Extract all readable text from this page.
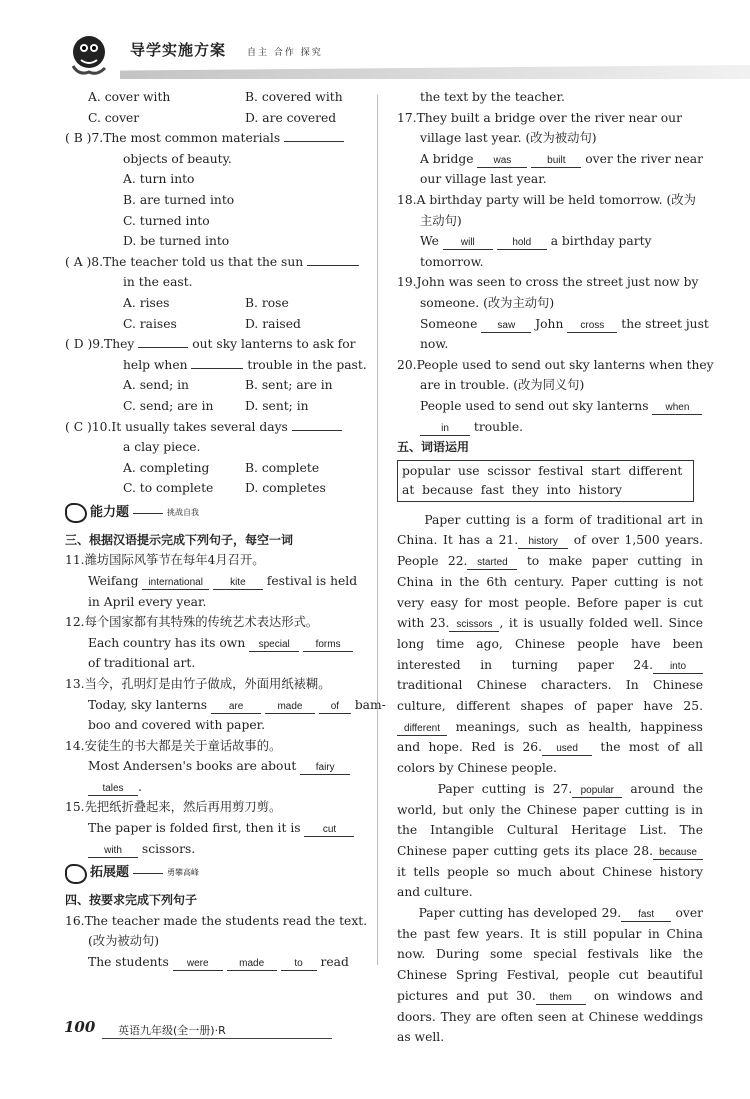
导学实施方案 自主 合作 探究
A. cover with	B. covered with
C. cover	D. are covered
( B )7.The most common materials
objects of beauty.
A. turn into
B. are turned into
C. turned into
D. be turned into
( A )8.The teacher told us that the sun
in the east.
A. rises	B. rose
C. raises	D. raised
( D )9.They	out sky lanterns to ask for
help when	trouble in the past.
A. send; in	B. sent; are in
C. send; are in	D. sent; in
( C )10.It usually takes several days
a clay piece.
A. completing	B. complete
C. to complete	D. completes
能力题	挑战自我
三、根据汉语提示完成下列句子，每空一词
11.潍坊国际风筝节在每年4月召开。
Weifang international	kite festival is held
in April every year.
12.每个国家都有其特殊的传统艺术表达形式。
Each country has its own special	forms
of traditional art.
13.当今，孔明灯是由竹子做成，外面用纸裱糊。
Today, sky lanterns are	made	of bam-
boo and covered with paper.
14.安徒生的书大都是关于童话故事的。
Most Andersen's books are about fairy
tales .
15.先把纸折叠起来，然后再用剪刀剪。
The paper is folded first, then it is cut
with scissors.
拓展题	勇攀高峰
四、按要求完成下列句子
16.The teacher made the students read the text.
(改为被动句)
The students were	made	to read
the text by the teacher.
17.They built a bridge over the river near our
village last year. (改为被动句)
A bridge was	built over the river near
our village last year.
18.A birthday party will be held tomorrow. (改为
主动句)
We will	hold a birthday party
tomorrow.
19.John was seen to cross the street just now by
someone. (改为主动句)
Someone saw John cross the street just
now.
20.People used to send out sky lanterns when they
are in trouble. (改为同义句)
People used to send out sky lanterns when
in trouble.
五、词语运用
popular  use  scissor  festival  start  different
at  because  fast  they  into  history
Paper cutting is a form of traditional art in China. It has a 21. history of over 1,500 years. People 22. started to make paper cutting in China in the 6th century. Paper cutting is not very easy for most people. Before paper is cut with 23. scissors , it is usually folded well. Since long time ago, Chinese people have been interested in turning paper 24. into traditional Chinese characters. In Chinese culture, different shapes of paper have 25.different meanings, such as health, happiness and hope. Red is 26. used the most of all colors by Chinese people.
Paper cutting is 27. popular around the world, but only the Chinese paper cutting is in the Intangible Cultural Heritage List. The Chinese paper cutting gets its place 28. because it tells people so much about Chinese history and culture.
Paper cutting has developed 29. fast over the past few years. It is still popular in China now. During some special festivals like the Chinese Spring Festival, people cut beautiful pictures and put 30. them on windows and doors. They are often seen at Chinese weddings as well.
100 英语九年级(全一册)·R
